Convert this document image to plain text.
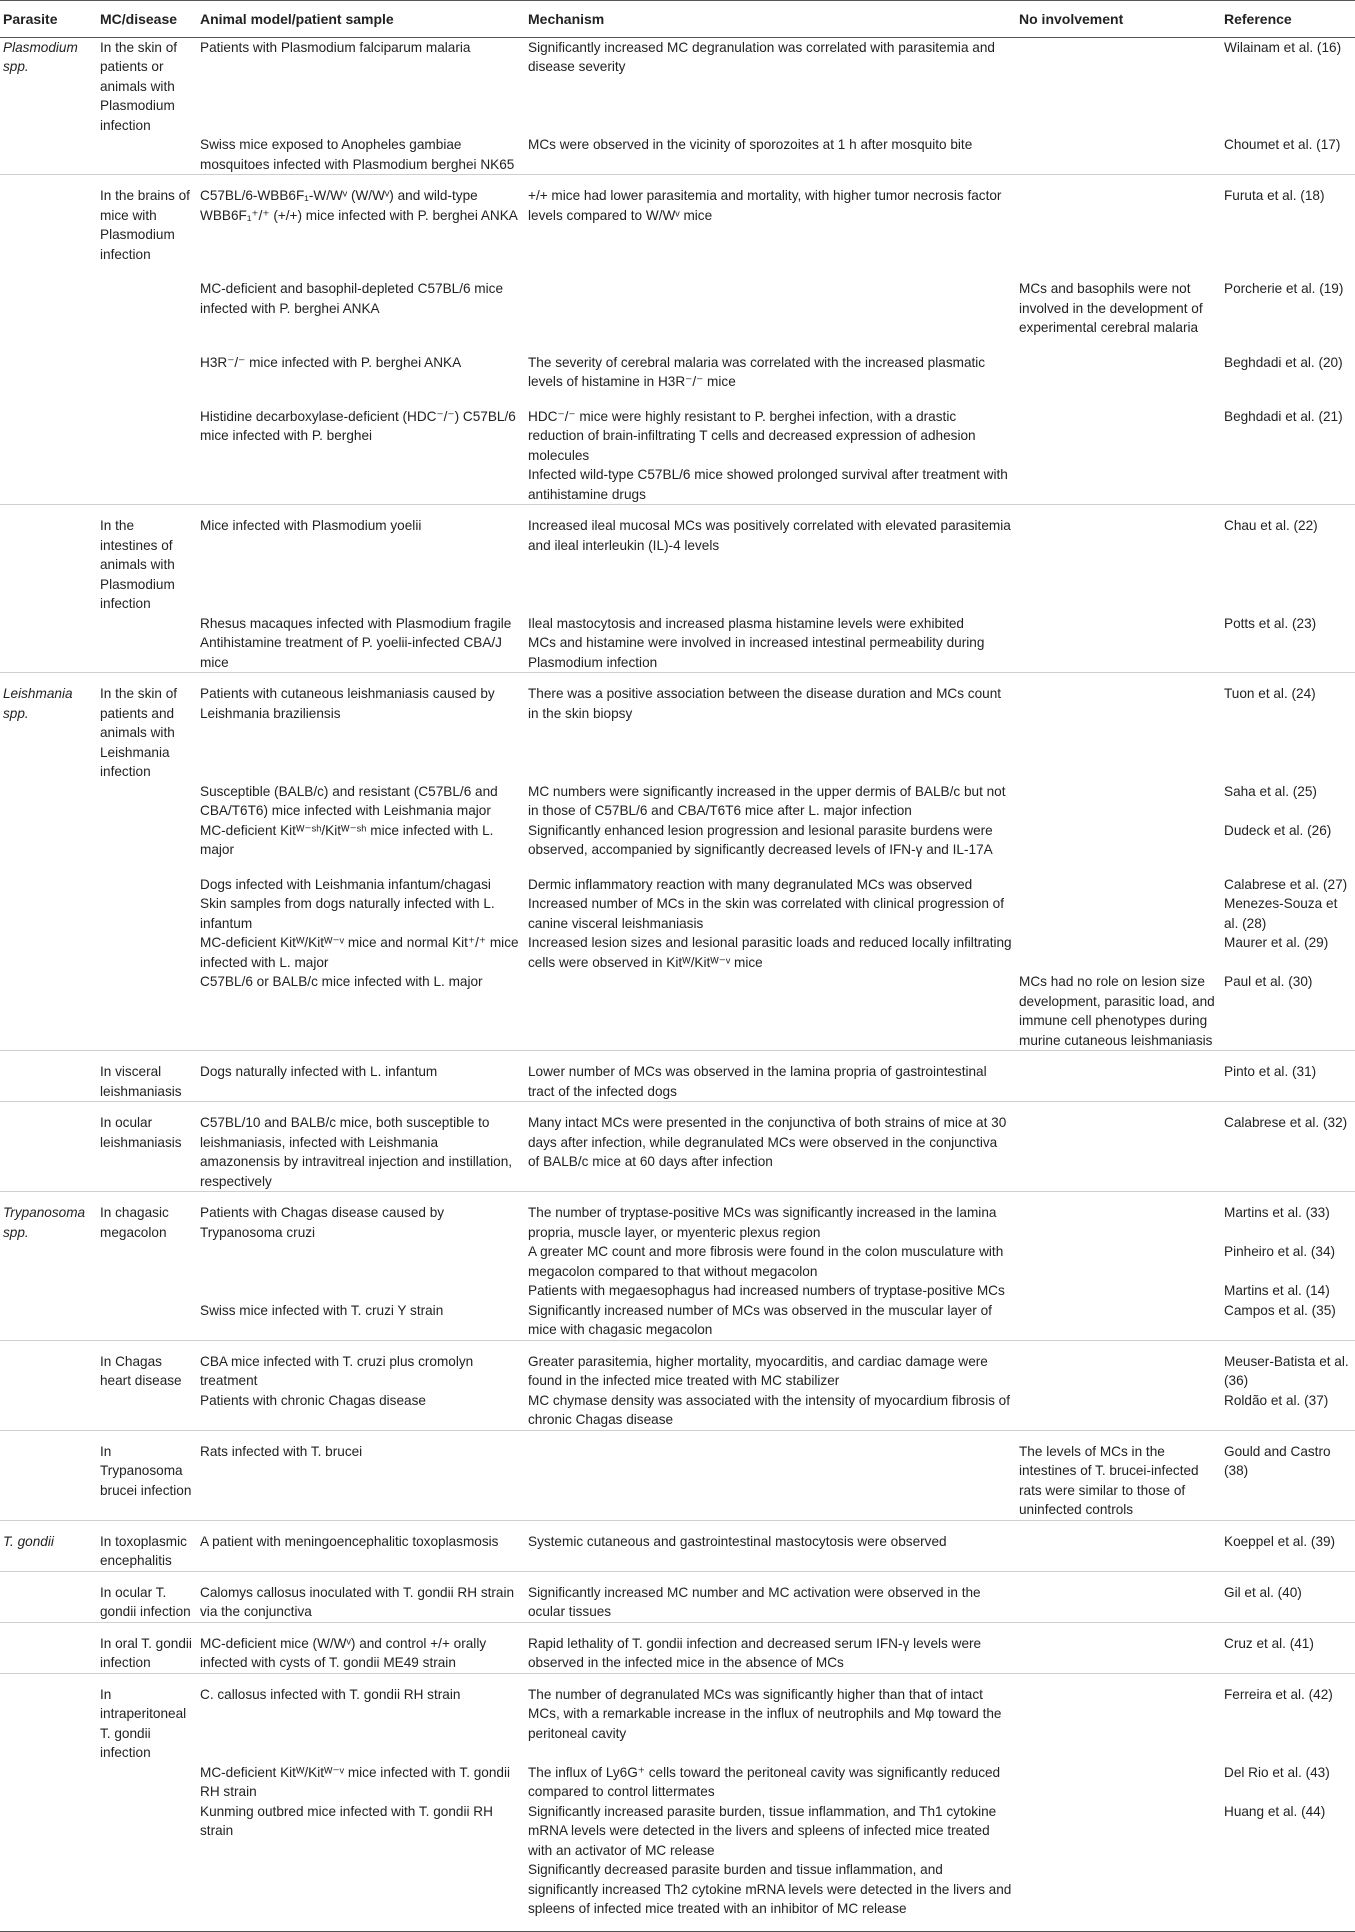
Parasite	MC/disease	Animal model/patient sample	Mechanism	No involvement	Reference
Plasmodium spp.	In the skin of patients or animals with Plasmodium infection	Patients with Plasmodium falciparum malaria	Significantly increased MC degranulation was correlated with parasitemia and disease severity		Wilainam et al. (16)
		Swiss mice exposed to Anopheles gambiae mosquitoes infected with Plasmodium berghei NK65	MCs were observed in the vicinity of sporozoites at 1 h after mosquito bite		Choumet et al. (17)
	In the brains of mice with Plasmodium infection	C57BL/6-WBB6F₁-W/Wᵛ (W/Wᵛ) and wild-type WBB6F₁⁺/⁺ (+/+) mice infected with P. berghei ANKA	+/+ mice had lower parasitemia and mortality, with higher tumor necrosis factor levels compared to W/Wᵛ mice		Furuta et al. (18)

		MC-deficient and basophil-depleted C57BL/6 mice infected with P. berghei ANKA		MCs and basophils were not involved in the development of experimental cerebral malaria	Porcherie et al. (19)

		H3R⁻/⁻ mice infected with P. berghei ANKA	The severity of cerebral malaria was correlated with the increased plasmatic levels of histamine in H3R⁻/⁻ mice		Beghdadi et al. (20)

		Histidine decarboxylase-deficient (HDC⁻/⁻) C57BL/6 mice infected with P. berghei	HDC⁻/⁻ mice were highly resistant to P. berghei infection, with a drastic reduction of brain-infiltrating T cells and decreased expression of adhesion molecules		Beghdadi et al. (21)
			Infected wild-type C57BL/6 mice showed prolonged survival after treatment with antihistamine drugs		
	In the intestines of animals with Plasmodium infection	Mice infected with Plasmodium yoelii	Increased ileal mucosal MCs was positively correlated with elevated parasitemia and ileal interleukin (IL)-4 levels		Chau et al. (22)
		Rhesus macaques infected with Plasmodium fragile	Ileal mastocytosis and increased plasma histamine levels were exhibited		Potts et al. (23)
		Antihistamine treatment of P. yoelii-infected CBA/J mice	MCs and histamine were involved in increased intestinal permeability during Plasmodium infection		
Leishmania spp.	In the skin of patients and animals with Leishmania infection	Patients with cutaneous leishmaniasis caused by Leishmania braziliensis	There was a positive association between the disease duration and MCs count in the skin biopsy		Tuon et al. (24)
		Susceptible (BALB/c) and resistant (C57BL/6 and CBA/T6T6) mice infected with Leishmania major	MC numbers were significantly increased in the upper dermis of BALB/c but not in those of C57BL/6 and CBA/T6T6 mice after L. major infection		Saha et al. (25)
		MC-deficient Kitᵂ⁻ˢʰ/Kitᵂ⁻ˢʰ mice infected with L. major	Significantly enhanced lesion progression and lesional parasite burdens were observed, accompanied by significantly decreased levels of IFN-γ and IL-17A		Dudeck et al. (26)

		Dogs infected with Leishmania infantum/chagasi	Dermic inflammatory reaction with many degranulated MCs was observed		Calabrese et al. (27)
		Skin samples from dogs naturally infected with L. infantum	Increased number of MCs in the skin was correlated with clinical progression of canine visceral leishmaniasis		Menezes-Souza et al. (28)
		MC-deficient Kitᵂ/Kitᵂ⁻ᵛ mice and normal Kit⁺/⁺ mice infected with L. major	Increased lesion sizes and lesional parasitic loads and reduced locally infiltrating cells were observed in Kitᵂ/Kitᵂ⁻ᵛ mice		Maurer et al. (29)
		C57BL/6 or BALB/c mice infected with L. major		MCs had no role on lesion size development, parasitic load, and immune cell phenotypes during murine cutaneous leishmaniasis	Paul et al. (30)
	In visceral leishmaniasis	Dogs naturally infected with L. infantum	Lower number of MCs was observed in the lamina propria of gastrointestinal tract of the infected dogs		Pinto et al. (31)
	In ocular leishmaniasis	C57BL/10 and BALB/c mice, both susceptible to leishmaniasis, infected with Leishmania amazonensis by intravitreal injection and instillation, respectively	Many intact MCs were presented in the conjunctiva of both strains of mice at 30 days after infection, while degranulated MCs were observed in the conjunctiva of BALB/c mice at 60 days after infection		Calabrese et al. (32)
Trypanosoma spp.	In chagasic megacolon	Patients with Chagas disease caused by Trypanosoma cruzi	The number of tryptase-positive MCs was significantly increased in the lamina propria, muscle layer, or myenteric plexus region		Martins et al. (33)
			A greater MC count and more fibrosis were found in the colon musculature with megacolon compared to that without megacolon		Pinheiro et al. (34)
			Patients with megaesophagus had increased numbers of tryptase-positive MCs		Martins et al. (14)
		Swiss mice infected with T. cruzi Y strain	Significantly increased number of MCs was observed in the muscular layer of mice with chagasic megacolon		Campos et al. (35)
	In Chagas heart disease	CBA mice infected with T. cruzi plus cromolyn treatment	Greater parasitemia, higher mortality, myocarditis, and cardiac damage were found in the infected mice treated with MC stabilizer		Meuser-Batista et al. (36)
		Patients with chronic Chagas disease	MC chymase density was associated with the intensity of myocardium fibrosis of chronic Chagas disease		Roldão et al. (37)
	In Trypanosoma brucei infection	Rats infected with T. brucei		The levels of MCs in the intestines of T. brucei-infected rats were similar to those of uninfected controls	Gould and Castro (38)
T. gondii	In toxoplasmic encephalitis	A patient with meningoencephalitic toxoplasmosis	Systemic cutaneous and gastrointestinal mastocytosis were observed		Koeppel et al. (39)
	In ocular T. gondii infection	Calomys callosus inoculated with T. gondii RH strain via the conjunctiva	Significantly increased MC number and MC activation were observed in the ocular tissues		Gil et al. (40)
	In oral T. gondii infection	MC-deficient mice (W/Wᵛ) and control +/+ orally infected with cysts of T. gondii ME49 strain	Rapid lethality of T. gondii infection and decreased serum IFN-γ levels were observed in the infected mice in the absence of MCs		Cruz et al. (41)
	In intraperitoneal T. gondii infection	C. callosus infected with T. gondii RH strain	The number of degranulated MCs was significantly higher than that of intact MCs, with a remarkable increase in the influx of neutrophils and Mφ toward the peritoneal cavity		Ferreira et al. (42)
		MC-deficient Kitᵂ/Kitᵂ⁻ᵛ mice infected with T. gondii RH strain	The influx of Ly6G⁺ cells toward the peritoneal cavity was significantly reduced compared to control littermates		Del Rio et al. (43)
		Kunming outbred mice infected with T. gondii RH strain	Significantly increased parasite burden, tissue inflammation, and Th1 cytokine mRNA levels were detected in the livers and spleens of infected mice treated with an activator of MC release		Huang et al. (44)
			Significantly decreased parasite burden and tissue inflammation, and significantly increased Th2 cytokine mRNA levels were detected in the livers and spleens of infected mice treated with an inhibitor of MC release		
